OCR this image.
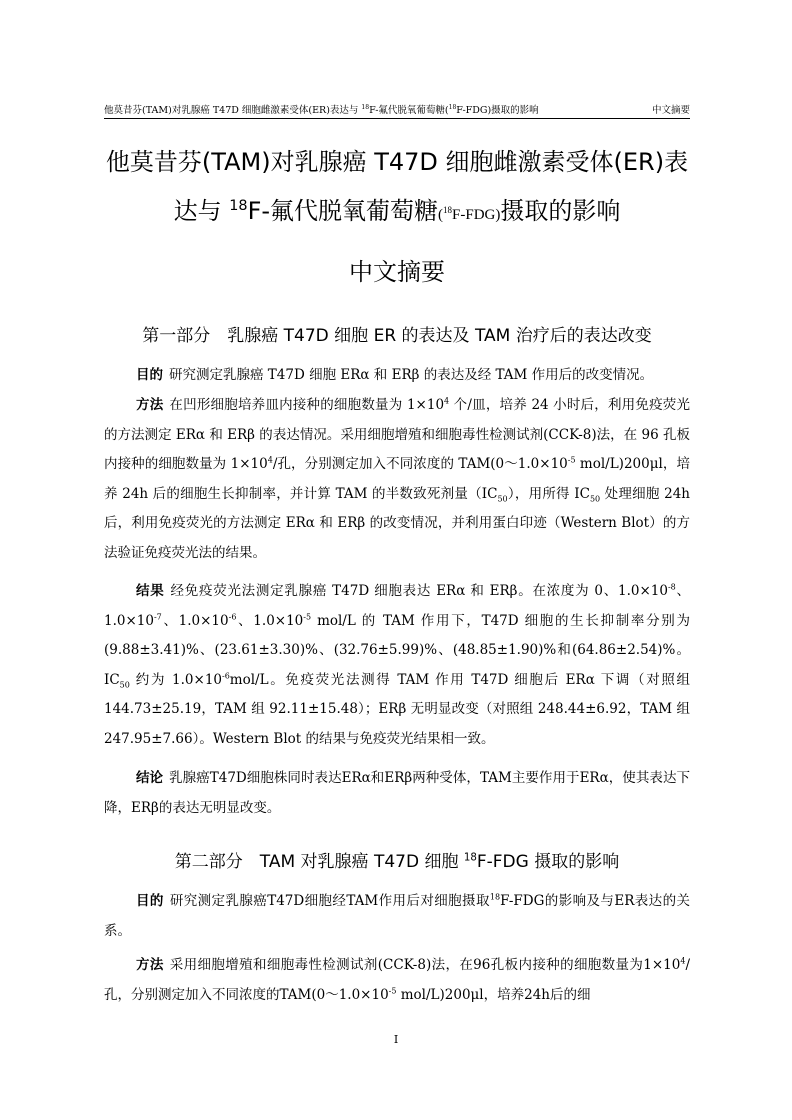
他莫昔芬(TAM)对乳腺癌 T47D 细胞雌激素受体(ER)表达与 $^{18}$F-氟代脱氧葡萄糖($^{18}$F-FDG)摄取的影响	中文摘要
他莫昔芬(TAM)对乳腺癌 T47D 细胞雌激素受体(ER)表
达与 $^{18}$F-氟代脱氧葡萄糖($^{18}$F-FDG)摄取的影响
中文摘要
第一部分　乳腺癌 T47D 细胞 ER 的表达及 TAM 治疗后的表达改变

目的 研究测定乳腺癌 T47D 细胞 ERα 和 ERβ 的表达及经 TAM 作用后的改变情况。

方法 在凹形细胞培养皿内接种的细胞数量为 $1\times 10^4$ 个/皿，培养 24 小时后，利用免疫荧光的方法测定 ERα 和 ERβ 的表达情况。采用细胞增殖和细胞毒性检测试剂(CCK-8)法，在 96 孔板内接种的细胞数量为 $1\times 10^4/$孔，分别测定加入不同浓度的 $TAM(0\sim 1.0\times 10^{-5}$ mol/L)200μl，培养 24h 后的细胞生长抑制率，并计算 TAM 的半数致死剂量$(IC_{50})$，用所得 $IC_{50}$ 处理细胞 24h 后，利用免疫荧光的方法测定 ERα 和 ERβ 的改变情况，并利用蛋白印迹（Western Blot）的方法验证免疫荧光法的结果。

结果 经免疫荧光法测定乳腺癌 T47D 细胞表达 ERα 和 ERβ。在浓度为 0、$1.0\times 10^{-8}$、$1.0\times 10^{-7}$、$1.0\times 10^{-6}$、$1.0\times 10^{-5}$ mol/L 的 TAM 作用下，T47D 细胞的生长抑制率分别为(9.88±3.41)%、(23.61±3.30)%、(32.76±5.99)%、(48.85±1.90)%和(64.86±2.54)%。$IC_{50}$ 约为 $1.0\times 10^{-6}mol/L$。免疫荧光法测得 TAM 作用 T47D 细胞后 ERα 下调（对照组 144.73±25.19，TAM 组 92.11±15.48）；ERβ 无明显改变（对照组 248.44±6.92，TAM 组 247.95±7.66）。Western Blot 的结果与免疫荧光结果相一致。

结论 乳腺癌T47D细胞株同时表达ERα和ERβ两种受体，TAM主要作用于ERα，使其表达下降，ERβ的表达无明显改变。

第二部分　TAM 对乳腺癌 T47D 细胞 $^{18}$F-FDG 摄取的影响

目的 研究测定乳腺癌T47D细胞经TAM作用后对细胞摄取$^{18}$F-FDG的影响及与ER表达的关系。

方法 采用细胞增殖和细胞毒性检测试剂(CCK-8)法，在96孔板内接种的细胞数量为$1\times 10^4/$孔，分别测定加入不同浓度的$TAM(0\sim 1.0\times 10^{-5}$ mol/L)200μl，培养24h后的细

I
